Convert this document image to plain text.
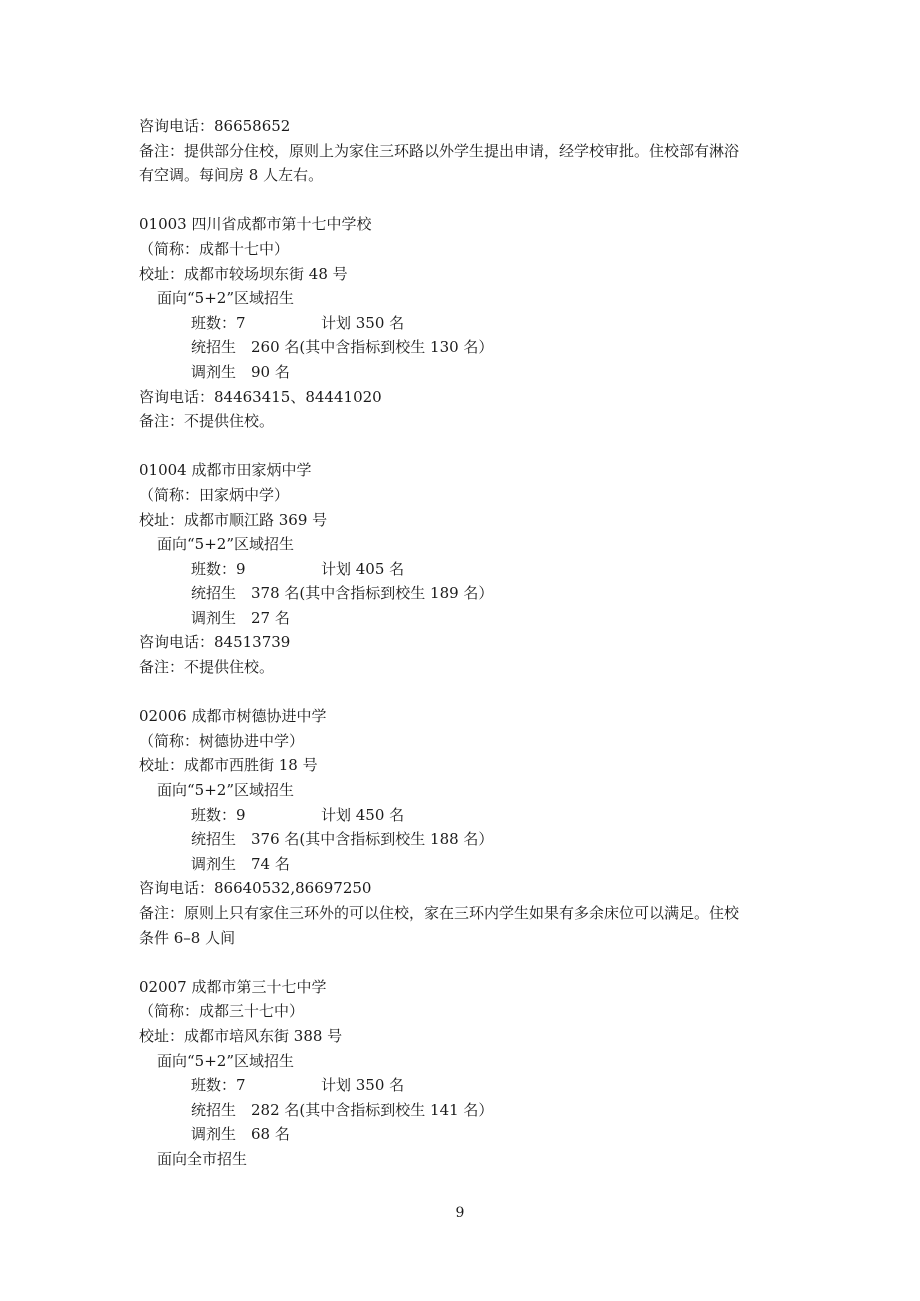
咨询电话：86658652
备注：提供部分住校，原则上为家住三环路以外学生提出申请，经学校审批。住校部有淋浴
有空调。每间房 8 人左右。
01003 四川省成都市第十七中学校
（简称：成都十七中）
校址：成都市较场坝东街 48 号
面向“5+2”区域招生
班数：7	计划 350 名
统招生　260 名(其中含指标到校生 130 名）
调剂生　90 名
咨询电话：84463415、84441020
备注：不提供住校。
01004 成都市田家炳中学
（简称：田家炳中学）
校址：成都市顺江路 369 号
面向“5+2”区域招生
班数：9	计划 405 名
统招生　378 名(其中含指标到校生 189 名）
调剂生　27 名
咨询电话：84513739
备注：不提供住校。
02006 成都市树德协进中学
（简称：树德协进中学）
校址：成都市西胜街 18 号
面向“5+2”区域招生
班数：9	计划 450 名
统招生　376 名(其中含指标到校生 188 名）
调剂生　74 名
咨询电话：86640532,86697250
备注：原则上只有家住三环外的可以住校，家在三环内学生如果有多余床位可以满足。住校
条件 6–8 人间
02007 成都市第三十七中学
（简称：成都三十七中）
校址：成都市培风东街 388 号
面向“5+2”区域招生
班数：7	计划 350 名
统招生　282 名(其中含指标到校生 141 名）
调剂生　68 名
面向全市招生
9
